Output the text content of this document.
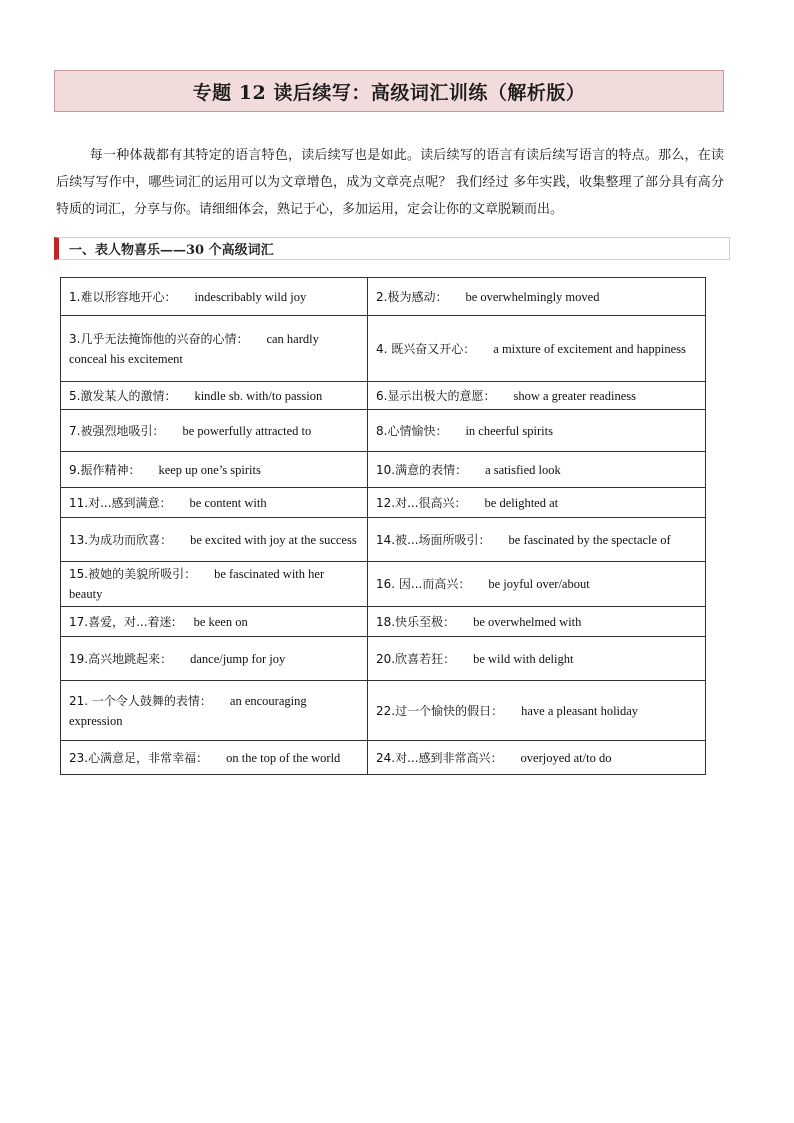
专题 12 读后续写：高级词汇训练（解析版）

每一种体裁都有其特定的语言特色，读后续写也是如此。读后续写的语言有读后续写语言的特点。那么，在读后续写写作中，哪些词汇的运用可以为文章增色，成为文章亮点呢？ 我们经过 多年实践，收集整理了部分具有高分特质的词汇，分享与你。请细细体会，熟记于心，多加运用，定会让你的文章脱颖而出。

一、表人物喜乐——30 个高级词汇
1.难以形容地开心： indescribably wild joy	2.极为感动： be overwhelmingly moved
3.几乎无法掩饰他的兴奋的心情： can hardly conceal his excitement	4. 既兴奋又开心： a mixture of excitement and happiness
5.激发某人的激情： kindle sb. with/to passion	6.显示出极大的意愿： show a greater readiness
7.被强烈地吸引： be powerfully attracted to	8.心情愉快： in cheerful spirits
9.振作精神： keep up one’s spirits	10.满意的表情： a satisfied look
11.对...感到满意： be content with	12.对...很高兴： be delighted at
13.为成功而欣喜： be excited with joy at the success	14.被...场面所吸引： be fascinated by the spectacle of
15.被她的美貌所吸引： be fascinated with her beauty	16. 因...而高兴： be joyful over/about
17.喜爱，对...着迷: be keen on	18.快乐至极： be overwhelmed with
19.高兴地跳起来： dance/jump for joy	20.欣喜若狂： be wild with delight
21. 一个令人鼓舞的表情： an encouraging expression	22.过一个愉快的假日： have a pleasant holiday
23.心满意足，非常幸福： on the top of the world	24.对...感到非常高兴： overjoyed at/to do
